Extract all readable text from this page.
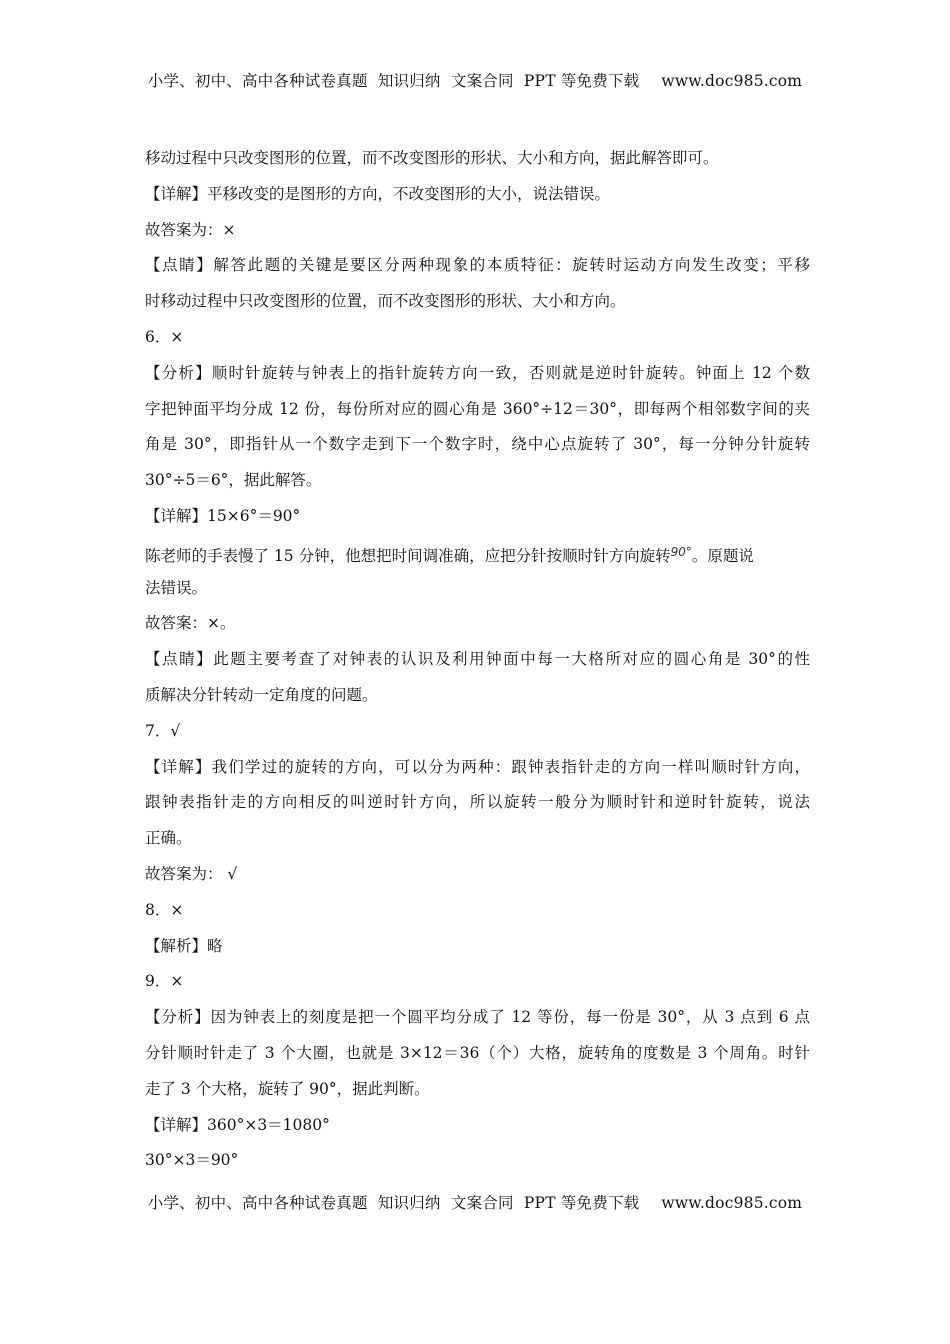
小学、初中、高中各种试卷真题  知识归纳  文案合同  PPT 等免费下载 www.doc985.com
移动过程中只改变图形的位置，而不改变图形的形状、大小和方向，据此解答即可。
【详解】平移改变的是图形的方向，不改变图形的大小，说法错误。
故答案为：×
【点睛】解答此题的关键是要区分两种现象的本质特征：旋转时运动方向发生改变；平移
时移动过程中只改变图形的位置，而不改变图形的形状、大小和方向。
6．×
【分析】顺时针旋转与钟表上的指针旋转方向一致，否则就是逆时针旋转。钟面上 12 个数
字把钟面平均分成 12 份，每份所对应的圆心角是 360°÷12＝30°，即每两个相邻数字间的夹
角是 30°，即指针从一个数字走到下一个数字时，绕中心点旋转了 30°，每一分钟分针旋转
30°÷5＝6°，据此解答。
【详解】15×6°＝90°
陈老师的手表慢了 15 分钟，他想把时间调准确，应把分针按顺时针方向旋转$^{90^\circ}$。原题说
法错误。
故答案：×。
【点睛】此题主要考查了对钟表的认识及利用钟面中每一大格所对应的圆心角是 30°的性
质解决分针转动一定角度的问题。
7．√
【详解】我们学过的旋转的方向，可以分为两种：跟钟表指针走的方向一样叫顺时针方向，
跟钟表指针走的方向相反的叫逆时针方向，所以旋转一般分为顺时针和逆时针旋转，说法
正确。
故答案为： √
8．×
【解析】略
9．×
【分析】因为钟表上的刻度是把一个圆平均分成了 12 等份，每一份是 30°，从 3 点到 6 点
分针顺时针走了 3 个大圈，也就是 3×12＝36（个）大格，旋转角的度数是 3 个周角。时针
走了 3 个大格，旋转了 90°，据此判断。
【详解】360°×3＝1080°
30°×3＝90°
小学、初中、高中各种试卷真题  知识归纳  文案合同  PPT 等免费下载 www.doc985.com
